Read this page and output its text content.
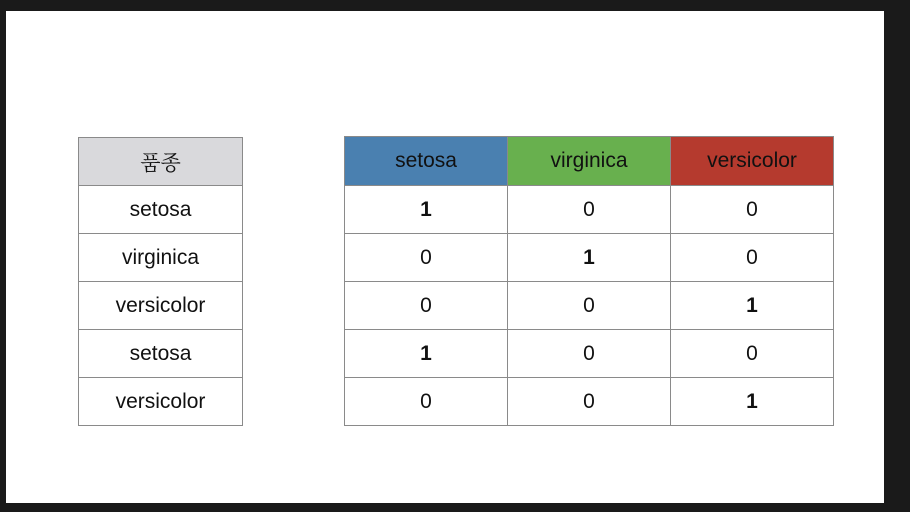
품종
setosa
virginica
versicolor
setosa
versicolor
setosa	virginica	versicolor
1	0	0
0	1	0
0	0	1
1	0	0
0	0	1
